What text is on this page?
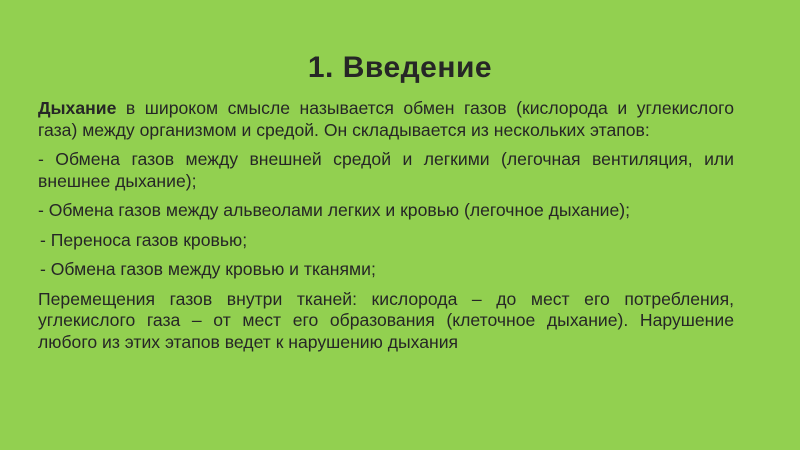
1. Введение

Дыхание в широком смысле называется обмен газов (кислорода и углекислого газа) между организмом и средой. Он складывается из нескольких этапов:

- Обмена газов между внешней средой и легкими (легочная вентиляция, или внешнее дыхание);

- Обмена газов между альвеолами легких и кровью (легочное дыхание);

- Переноса газов кровью;

- Обмена газов между кровью и тканями;

Перемещения газов внутри тканей: кислорода – до мест его потребления, углекислого газа – от мест его образования (клеточное дыхание). Нарушение любого из этих этапов ведет к нарушению дыхания
